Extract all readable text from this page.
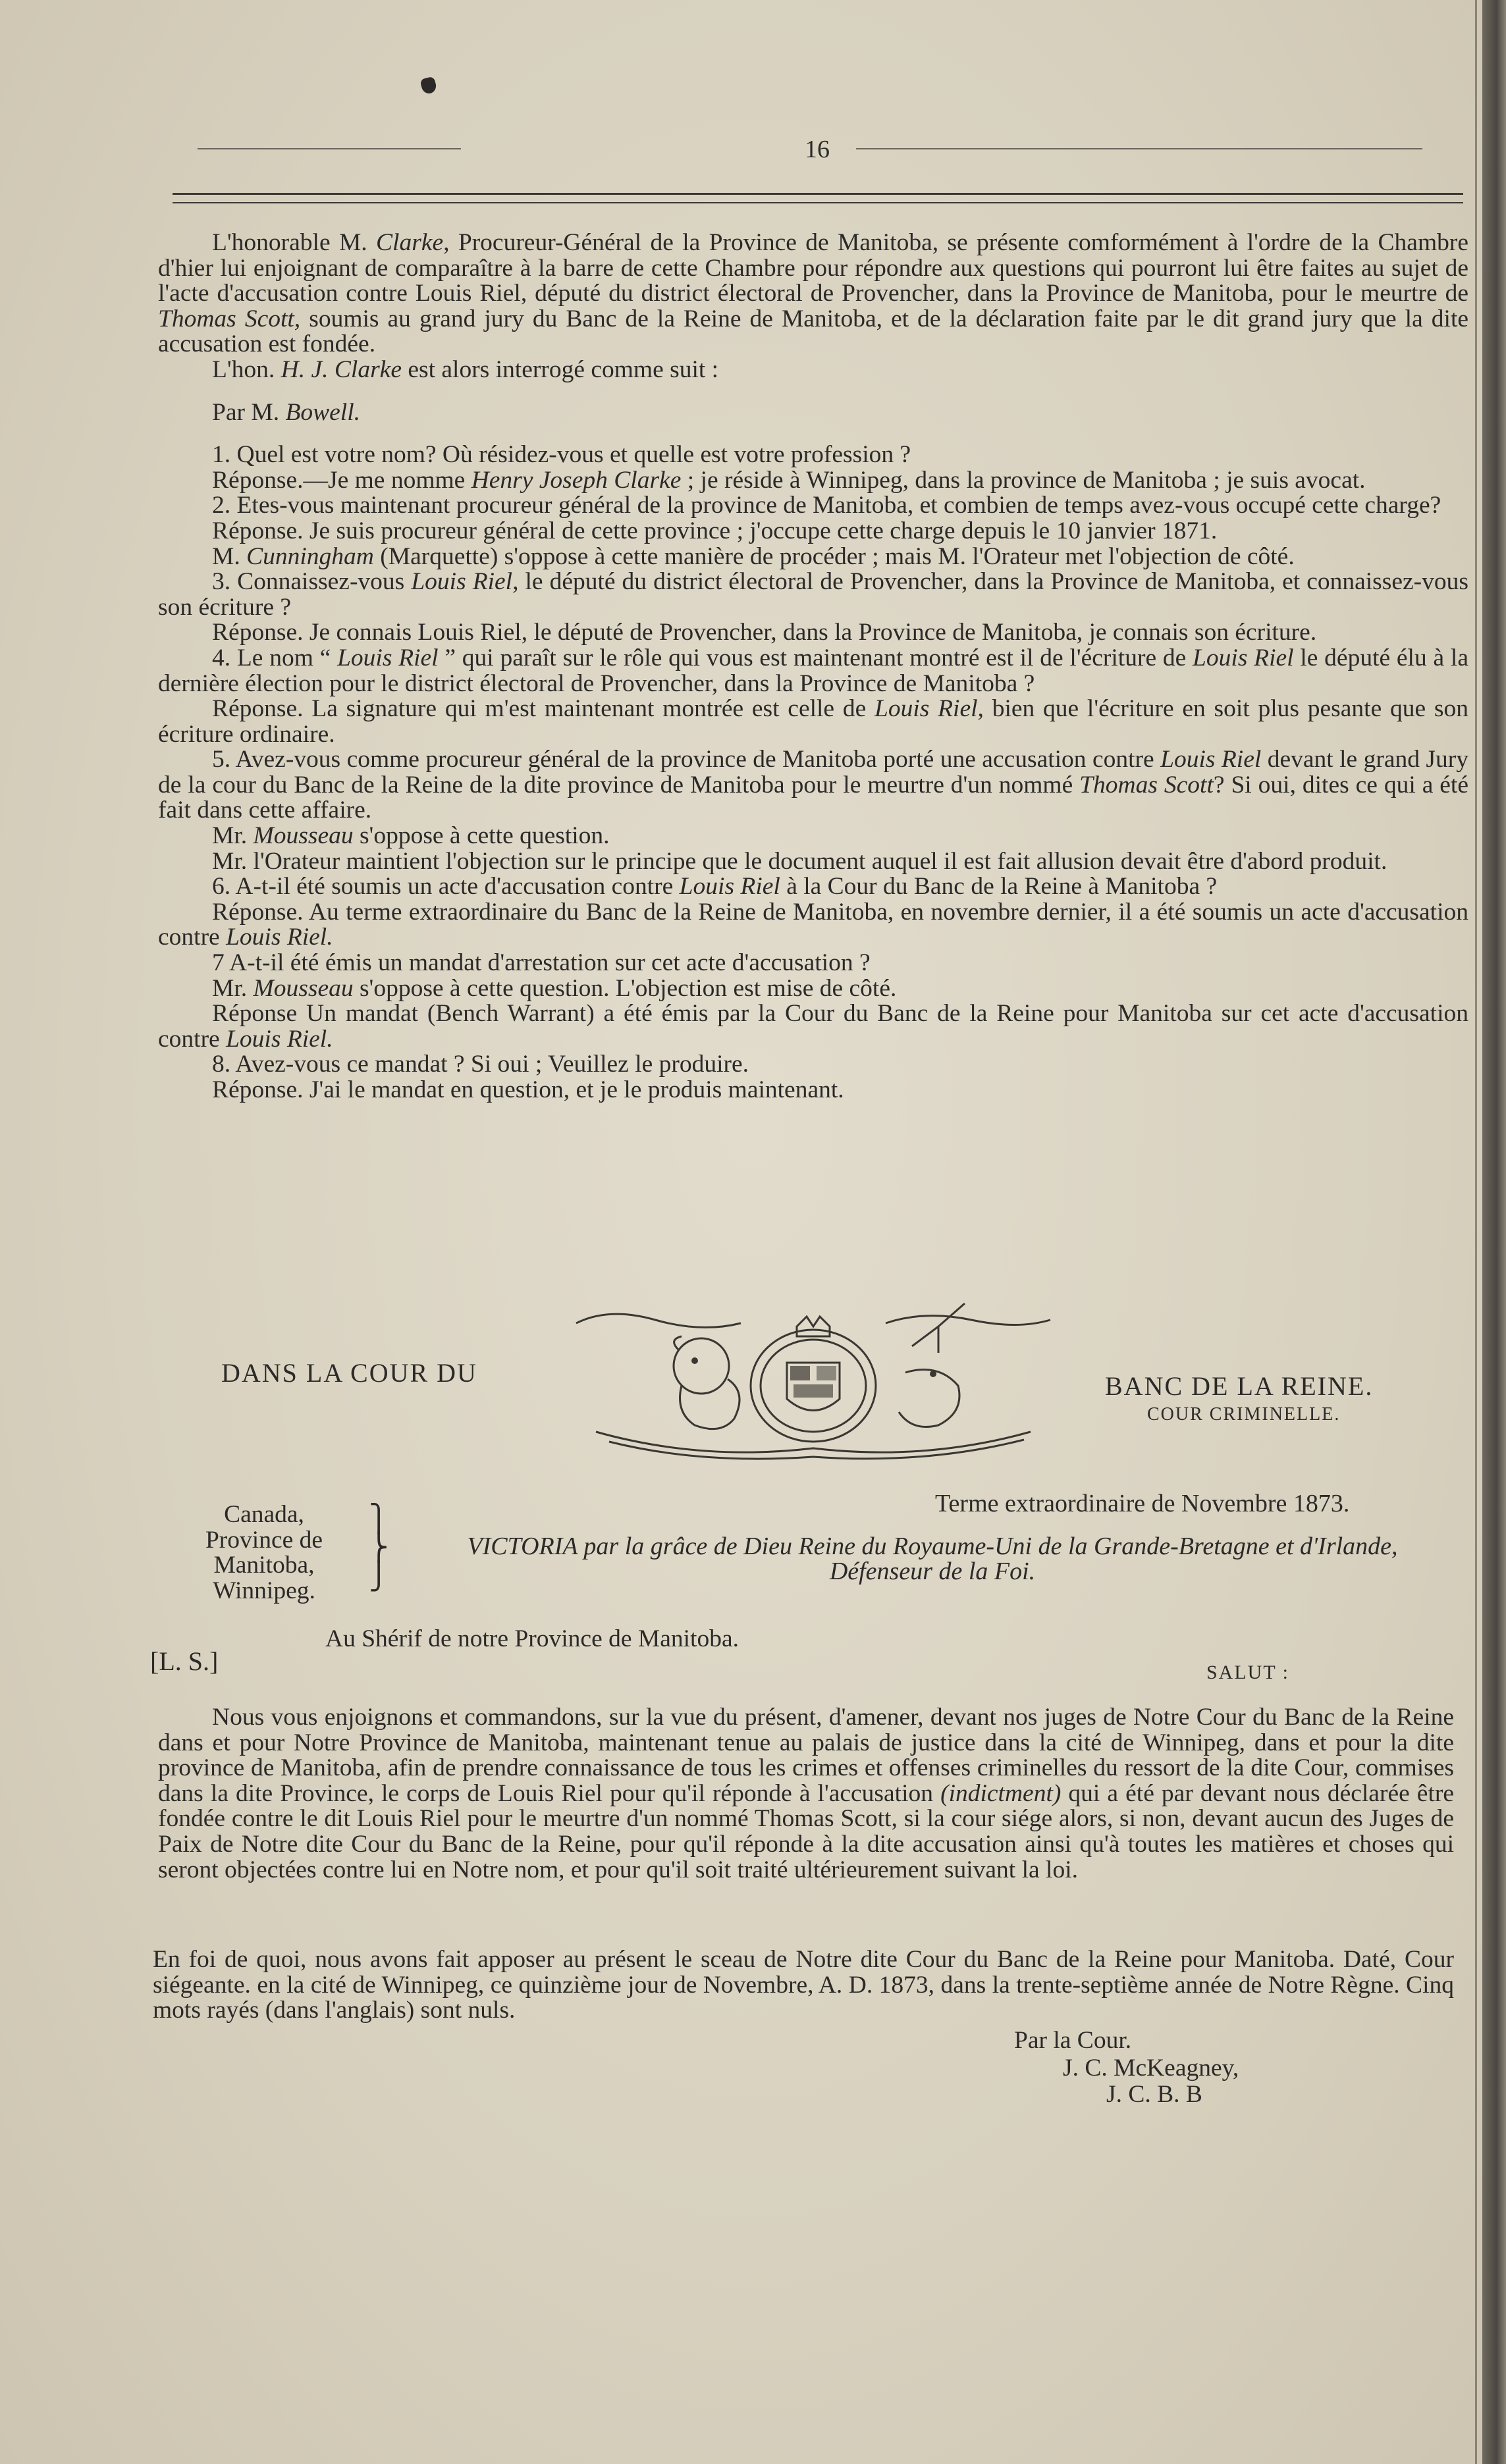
16

L'honorable M. Clarke, Procureur-Général de la Province de Manitoba, se présente comformément à l'ordre de la Chambre d'hier lui enjoignant de comparaître à la barre de cette Chambre pour répondre aux questions qui pourront lui être faites au sujet de l'acte d'accusation contre Louis Riel, député du district électoral de Provencher, dans la Province de Manitoba, pour le meurtre de Thomas Scott, soumis au grand jury du Banc de la Reine de Manitoba, et de la déclaration faite par le dit grand jury que la dite accusation est fondée.

L'hon. H. J. Clarke est alors interrogé comme suit :

Par M. Bowell.

1. Quel est votre nom? Où résidez-vous et quelle est votre profession ?

Réponse.—Je me nomme Henry Joseph Clarke ; je réside à Winnipeg, dans la province de Manitoba ; je suis avocat.

2. Etes-vous maintenant procureur général de la province de Manitoba, et combien de temps avez-vous occupé cette charge?

Réponse. Je suis procureur général de cette province ; j'occupe cette charge depuis le 10 janvier 1871.

M. Cunningham (Marquette) s'oppose à cette manière de procéder ; mais M. l'Orateur met l'objection de côté.

3. Connaissez-vous Louis Riel, le député du district électoral de Provencher, dans la Province de Manitoba, et connaissez-vous son écriture ?

Réponse. Je connais Louis Riel, le député de Provencher, dans la Province de Manitoba, je connais son écriture.

4. Le nom “ Louis Riel ” qui paraît sur le rôle qui vous est maintenant montré est il de l'écriture de Louis Riel le député élu à la dernière élection pour le district électoral de Provencher, dans la Province de Manitoba ?

Réponse. La signature qui m'est maintenant montrée est celle de Louis Riel, bien que l'écriture en soit plus pesante que son écriture ordinaire.

5. Avez-vous comme procureur général de la province de Manitoba porté une accusation contre Louis Riel devant le grand Jury de la cour du Banc de la Reine de la dite province de Manitoba pour le meurtre d'un nommé Thomas Scott? Si oui, dites ce qui a été fait dans cette affaire.

Mr. Mousseau s'oppose à cette question.

Mr. l'Orateur maintient l'objection sur le principe que le document auquel il est fait allusion devait être d'abord produit.

6. A-t-il été soumis un acte d'accusation contre Louis Riel à la Cour du Banc de la Reine à Manitoba ?

Réponse. Au terme extraordinaire du Banc de la Reine de Manitoba, en novembre dernier, il a été soumis un acte d'accusation contre Louis Riel.

7 A-t-il été émis un mandat d'arrestation sur cet acte d'accusation ?

Mr. Mousseau s'oppose à cette question. L'objection est mise de côté.

Réponse Un mandat (Bench Warrant) a été émis par la Cour du Banc de la Reine pour Manitoba sur cet acte d'accusation contre Louis Riel.

8. Avez-vous ce mandat ? Si oui ; Veuillez le produire.

Réponse. J'ai le mandat en question, et je le produis maintenant.

DANS LA COUR DU	BANC DE LA REINE.
COUR CRIMINELLE.
Terme extraordinaire de Novembre 1873.
Canada,
Province de
Manitoba,
Winnipeg.
⎫
⎬
⎭
VICTORIA par la grâce de Dieu Reine du Royaume-Uni de la Grande-Bretagne et d'Irlande,
Défenseur de la Foi.
Au Shérif de notre Province de Manitoba.
[L. S.]	SALUT :

Nous vous enjoignons et commandons, sur la vue du présent, d'amener, devant nos juges de Notre Cour du Banc de la Reine dans et pour Notre Province de Manitoba, maintenant tenue au palais de justice dans la cité de Winnipeg, dans et pour la dite province de Manitoba, afin de prendre connaissance de tous les crimes et offenses criminelles du ressort de la dite Cour, commises dans la dite Province, le corps de Louis Riel pour qu'il réponde à l'accusation (indictment) qui a été par devant nous déclarée être fondée contre le dit Louis Riel pour le meurtre d'un nommé Thomas Scott, si la cour siége alors, si non, devant aucun des Juges de Paix de Notre dite Cour du Banc de la Reine, pour qu'il réponde à la dite accusation ainsi qu'à toutes les matières et choses qui seront objectées contre lui en Notre nom, et pour qu'il soit traité ultérieurement suivant la loi.

En foi de quoi, nous avons fait apposer au présent le sceau de Notre dite Cour du Banc de la Reine pour Manitoba. Daté, Cour siégeante. en la cité de Winnipeg, ce quinzième jour de Novembre, A. D. 1873, dans la trente-septième année de Notre Règne. Cinq mots rayés (dans l'anglais) sont nuls.

Par la Cour.
J. C. McKeagney,
J. C. B. B
